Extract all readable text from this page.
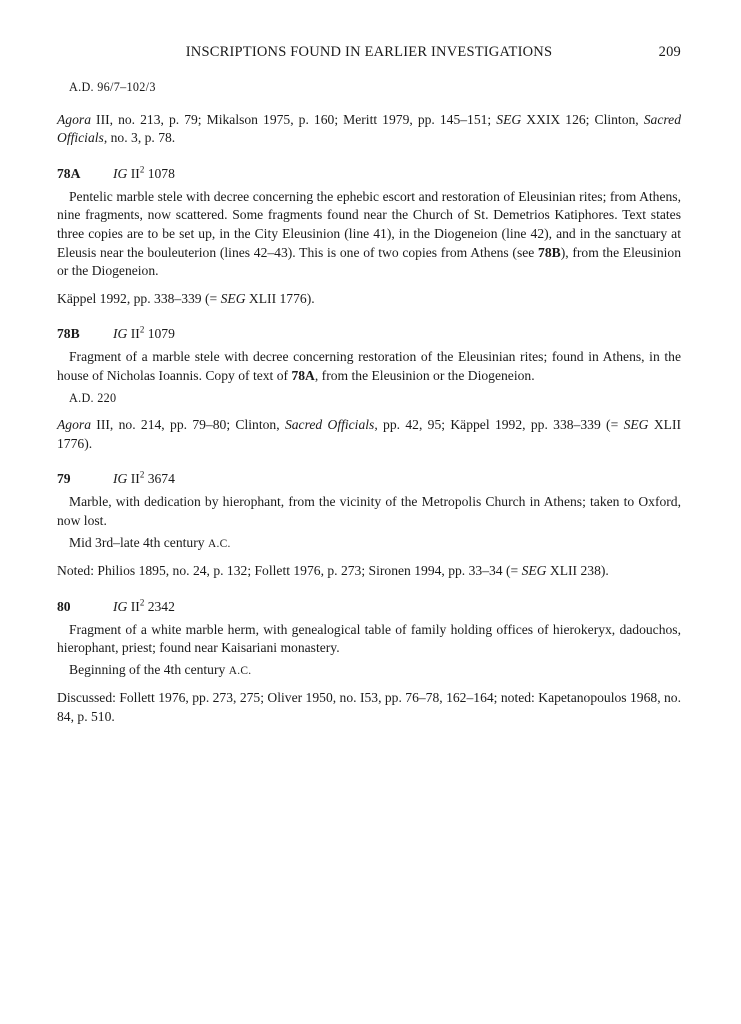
INSCRIPTIONS FOUND IN EARLIER INVESTIGATIONS	209

A.D. 96/7–102/3

Agora III, no. 213, p. 79; Mikalson 1975, p. 160; Meritt 1979, pp. 145–151; SEG XXIX 126; Clinton, Sacred Officials, no. 3, p. 78.

78A IG $II^2$ 1078

Pentelic marble stele with decree concerning the ephebic escort and restoration of Eleusinian rites; from Athens, nine fragments, now scattered. Some fragments found near the Church of St. Demetrios Katiphores. Text states three copies are to be set up, in the City Eleusinion (line 41), in the Diogeneion (line 42), and in the sanctuary at Eleusis near the bouleuterion (lines 42–43). This is one of two copies from Athens (see 78B), from the Eleusinion or the Diogeneion.

Käppel 1992, pp. 338–339 (= SEG XLII 1776).

78B IG $II^2$ 1079

Fragment of a marble stele with decree concerning restoration of the Eleusinian rites; found in Athens, in the house of Nicholas Ioannis. Copy of text of 78A, from the Eleusinion or the Diogeneion.

A.D. 220

Agora III, no. 214, pp. 79–80; Clinton, Sacred Officials, pp. 42, 95; Käppel 1992, pp. 338–339 (= SEG XLII 1776).

79	IG $II^2$ 3674

Marble, with dedication by hierophant, from the vicinity of the Metropolis Church in Athens; taken to Oxford, now lost.

Mid 3rd–late 4th century A.C.

Noted: Philios 1895, no. 24, p. 132; Follett 1976, p. 273; Sironen 1994, pp. 33–34 (= SEG XLII 238).

80	IG $II^2$ 2342

Fragment of a white marble herm, with genealogical table of family holding offices of hierokeryx, dadouchos, hierophant, priest; found near Kaisariani monastery.

Beginning of the 4th century A.C.

Discussed: Follett 1976, pp. 273, 275; Oliver 1950, no. I53, pp. 76–78, 162–164; noted: Kapetanopoulos 1968, no. 84, p. 510.
